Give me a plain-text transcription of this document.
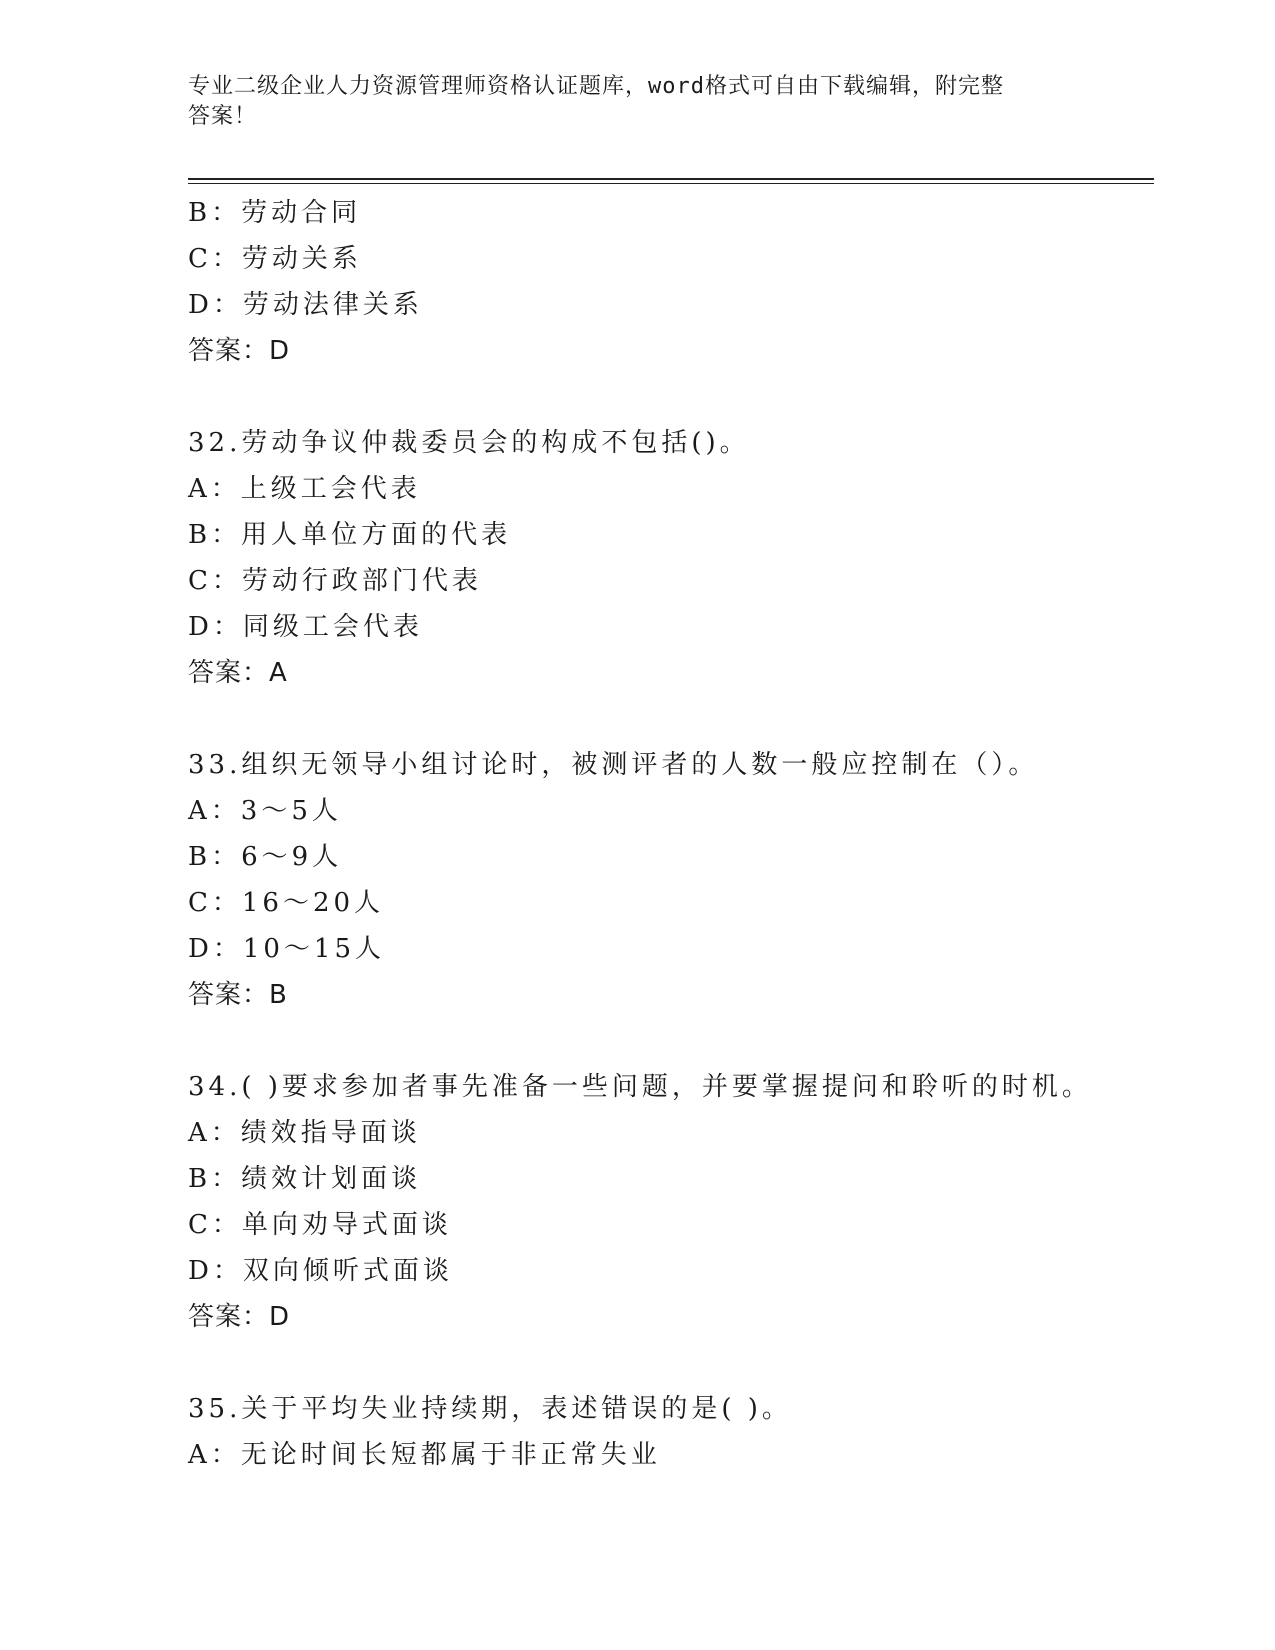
专业二级企业人力资源管理师资格认证题库，word格式可自由下载编辑，附完整
答案！
B：劳动合同
C：劳动关系
D：劳动法律关系
答案：D
32.劳动争议仲裁委员会的构成不包括()。
A：上级工会代表
B：用人单位方面的代表
C：劳动行政部门代表
D：同级工会代表
答案：A
33.组织无领导小组讨论时，被测评者的人数一般应控制在（）。
A：3～5人
B：6～9人
C：16～20人
D：10～15人
答案：B
34.( )要求参加者事先准备一些问题，并要掌握提问和聆听的时机。
A：绩效指导面谈
B：绩效计划面谈
C：单向劝导式面谈
D：双向倾听式面谈
答案：D
35.关于平均失业持续期，表述错误的是( )。
A：无论时间长短都属于非正常失业
